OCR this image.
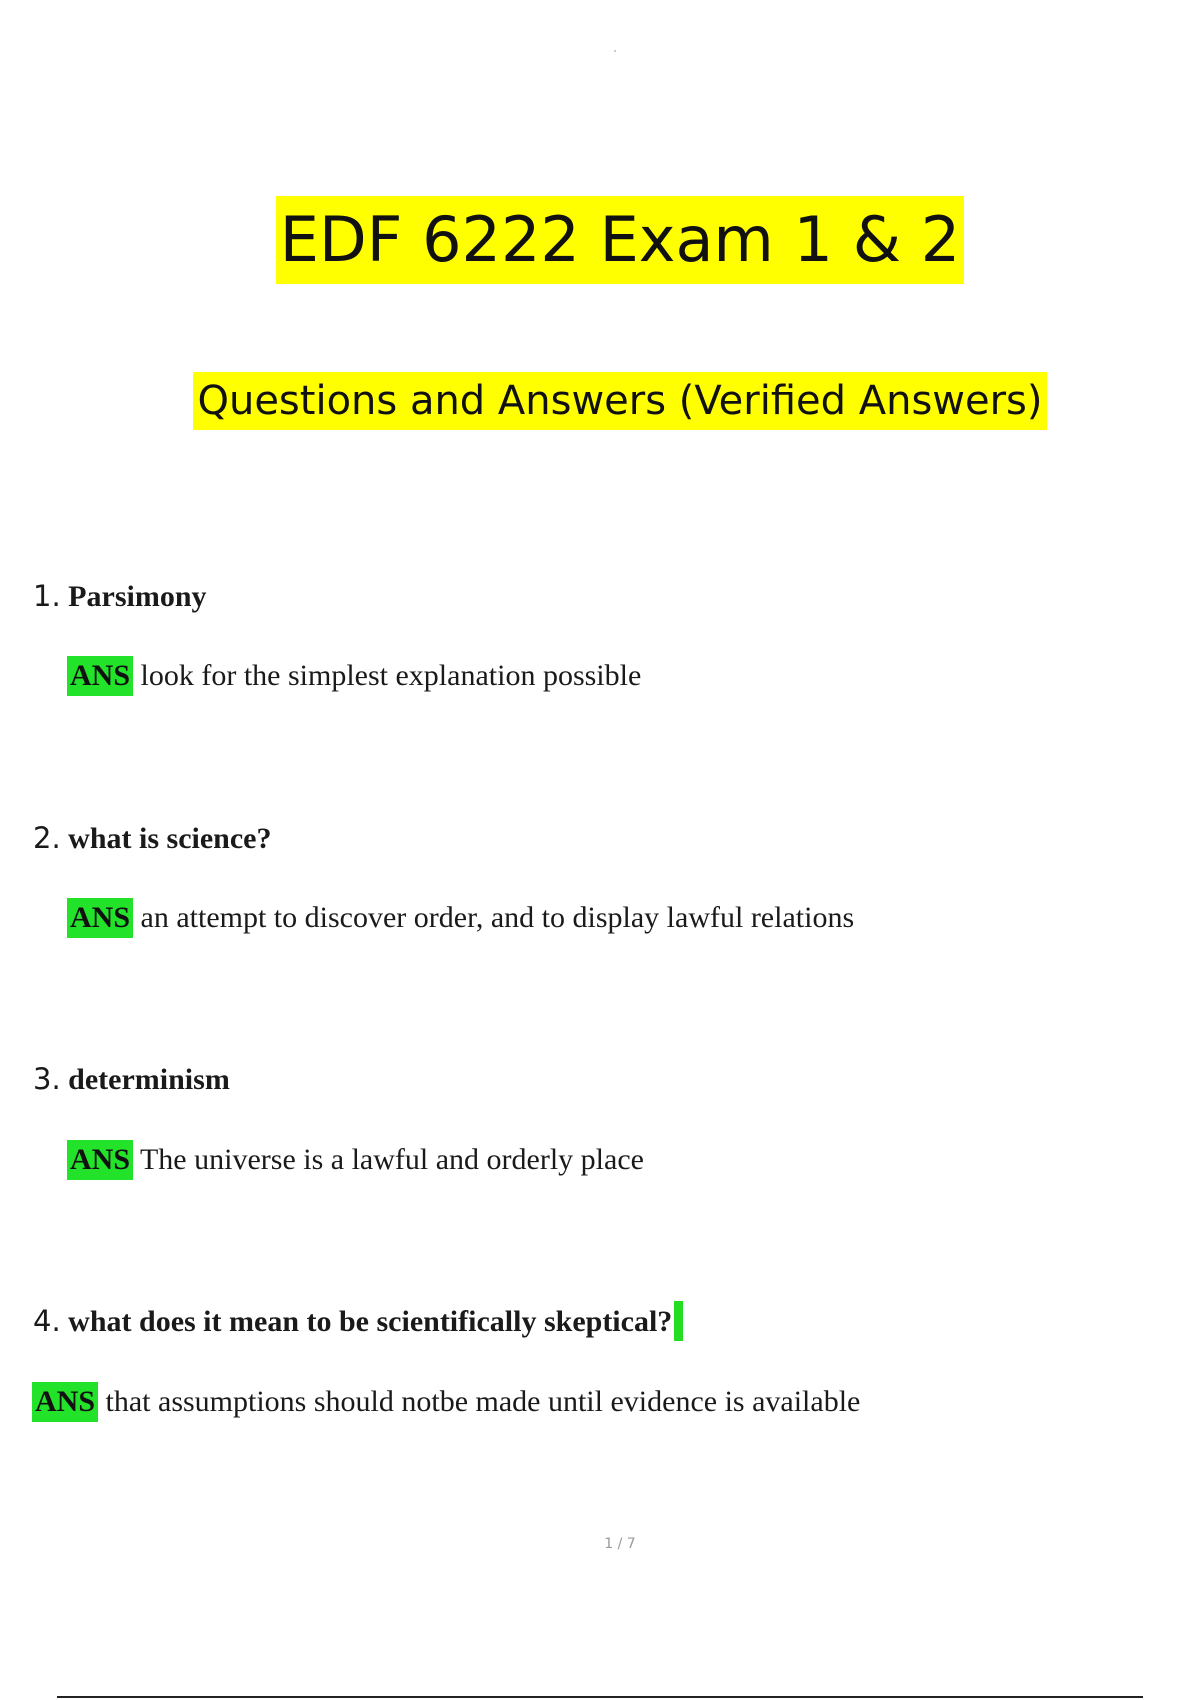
EDF 6222 Exam 1 & 2
Questions and Answers (Verified Answers)
1. Parsimony
ANS look for the simplest explanation possible
2. what is science?
ANS an attempt to discover order, and to display lawful relations
3. determinism
ANS The universe is a lawful and orderly place
4. what does it mean to be scientifically skeptical?
ANS that assumptions should notbe made until evidence is available
1 / 7
